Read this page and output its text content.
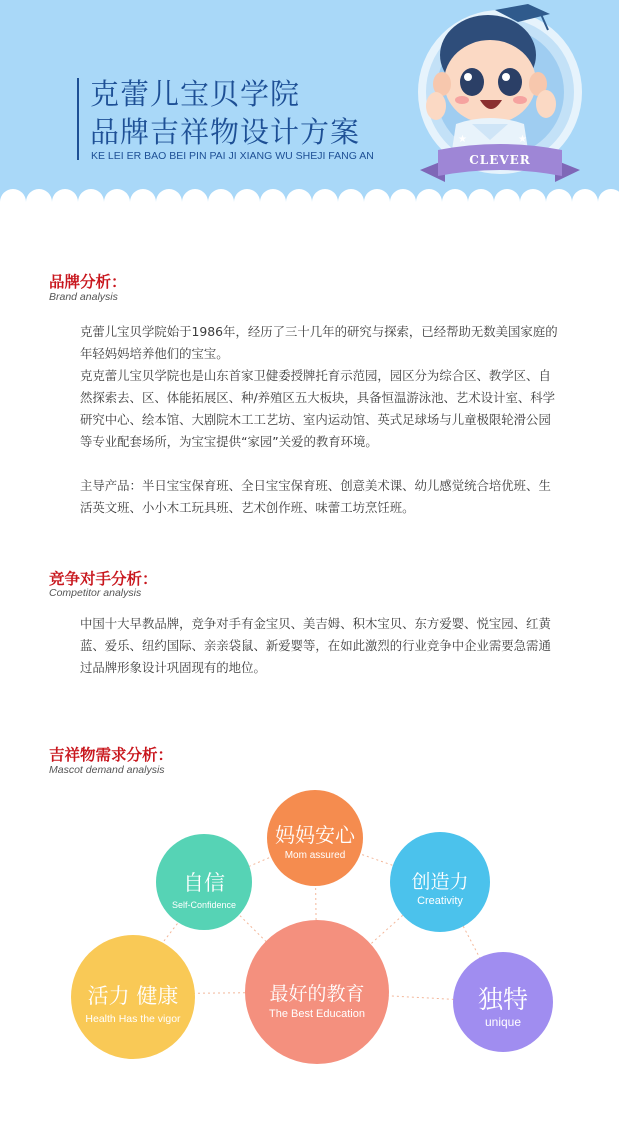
克蕾儿宝贝学院
品牌吉祥物设计方案
KE LEI ER BAO BEI PIN PAI JI XIANG WU SHEJI FANG AN
★	★
CLEVER
品牌分析：
Brand analysis

克蕾儿宝贝学院始于1986年，经历了三十几年的研究与探索，已经帮助无数美国家庭的年轻妈妈培养他们的宝宝。

克克蕾儿宝贝学院也是山东首家卫健委授牌托育示范园，园区分为综合区、教学区、自然探索去、区、体能拓展区、种/养殖区五大板块，具备恒温游泳池、艺术设计室、科学研究中心、绘本馆、大剧院木工工艺坊、室内运动馆、英式足球场与儿童极限轮滑公园等专业配套场所，为宝宝提供“家园”关爱的教育环境。

主导产品：半日宝宝保育班、全日宝宝保育班、创意美术课、幼儿感觉统合培优班、生活英文班、小小木工玩具班、艺术创作班、味蕾工坊烹饪班。

竞争对手分析：
Competitor analysis

中国十大早教品牌，竞争对手有金宝贝、美吉姆、积木宝贝、东方爱婴、悦宝园、红黄蓝、爱乐、纽约国际、亲亲袋鼠、新爱婴等，在如此激烈的行业竞争中企业需要急需通过品牌形象设计巩固现有的地位。

吉祥物需求分析：
Mascot demand analysis
妈妈安心
Mom assured
自信
Self-Confidence
创造力
Creativity
活力 健康
Health Has the vigor
最好的教育
The Best Education	独特
unique
